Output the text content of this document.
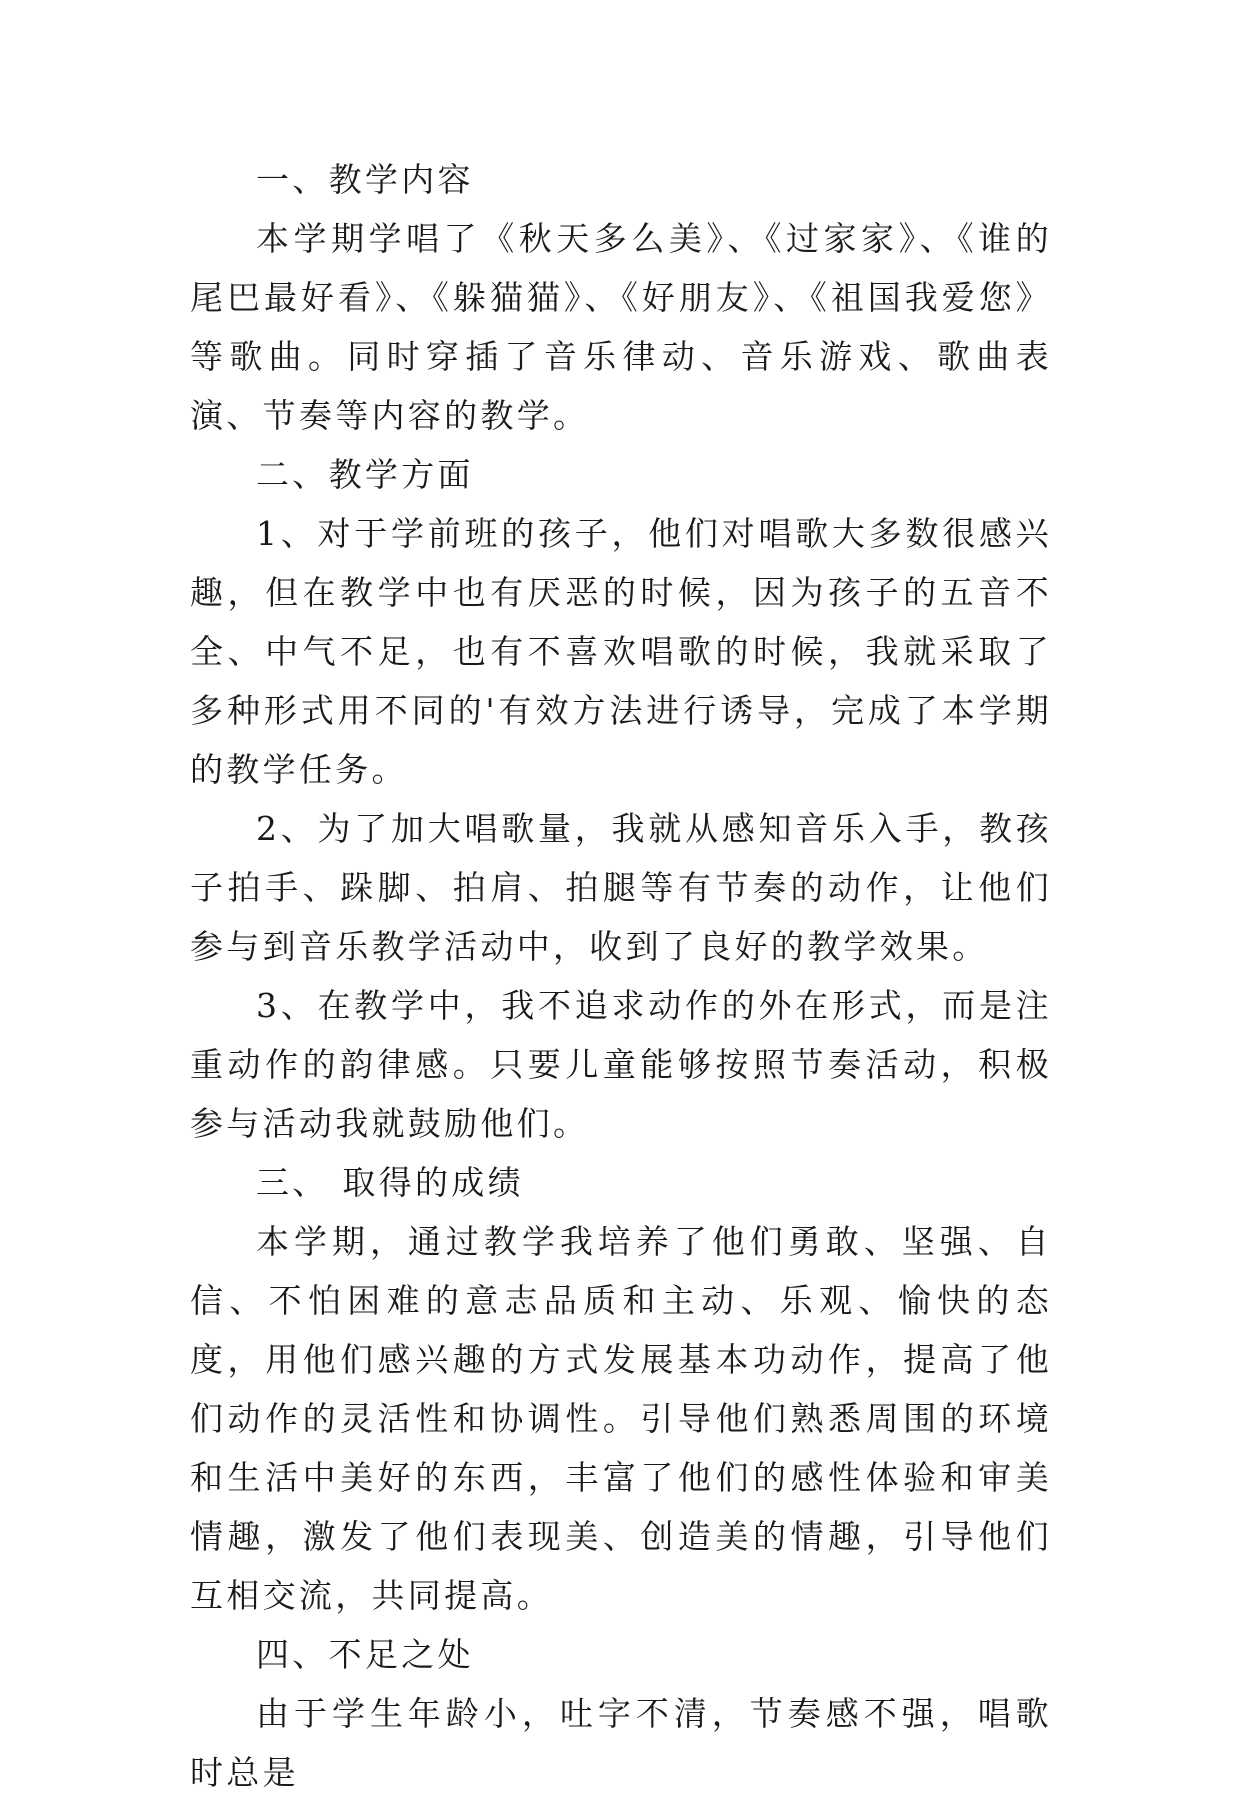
一、教学内容

本学期学唱了《秋天多么美》、《过家家》、《谁的尾巴最好看》、《躲猫猫》、《好朋友》、《祖国我爱您》等歌曲。同时穿插了音乐律动、音乐游戏、歌曲表演、节奏等内容的教学。

二、教学方面

1、对于学前班的孩子，他们对唱歌大多数很感兴趣，但在教学中也有厌恶的时候，因为孩子的五音不全、中气不足，也有不喜欢唱歌的时候，我就采取了多种形式用不同的'有效方法进行诱导，完成了本学期的教学任务。

2、为了加大唱歌量，我就从感知音乐入手，教孩子拍手、跺脚、拍肩、拍腿等有节奏的动作，让他们参与到音乐教学活动中，收到了良好的教学效果。

3、在教学中，我不追求动作的外在形式，而是注重动作的韵律感。只要儿童能够按照节奏活动，积极参与活动我就鼓励他们。

三、 取得的成绩

本学期，通过教学我培养了他们勇敢、坚强、自信、不怕困难的意志品质和主动、乐观、愉快的态度，用他们感兴趣的方式发展基本功动作，提高了他们动作的灵活性和协调性。引导他们熟悉周围的环境和生活中美好的东西，丰富了他们的感性体验和审美情趣，激发了他们表现美、创造美的情趣，引导他们互相交流，共同提高。

四、不足之处

由于学生年龄小，吐字不清，节奏感不强，唱歌时总是
